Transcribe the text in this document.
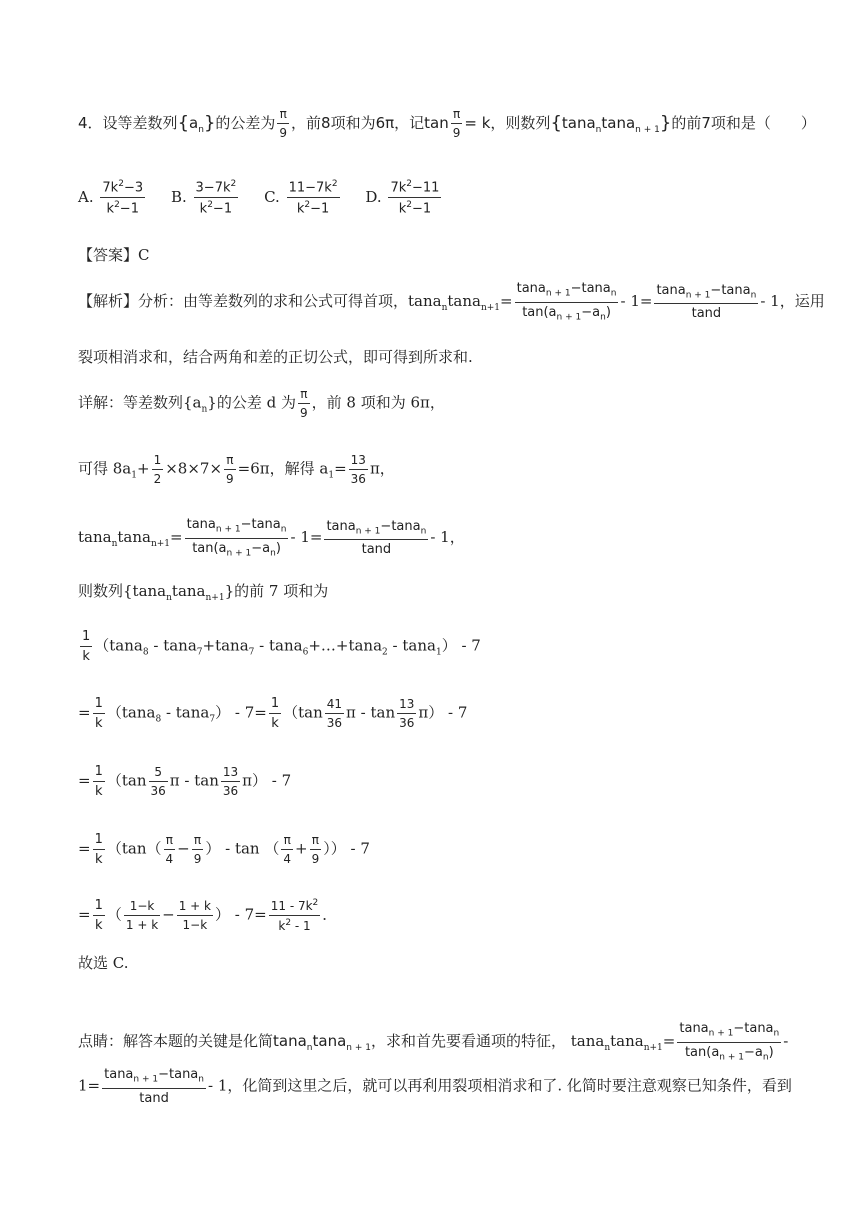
4．设等差数列$\{a_n\}$的公差为 $\frac{\pi}{9}$ ，前8项和为6π，记$\tan \frac{\pi}{9} = k$，则数列{tana$_n$tana$_{n + 1}$}的前7项和是（　　）
A. $\frac{7k^2-3}{k^2-1} B$. $\frac{3-7k^2}{k^2-1} C$. $\frac{11-7k^2}{k^2-1} D$. $\frac{7k^2-11}{k^2-1}$
【答案】C
【解析】分析：由等差数列的求和公式可得首项，$\tan a_n\tan a_{n+1}= \frac{\tan a_{n + 1}-\tan a_n}{\tan(a_{n + 1}-a_n)} - 1= \frac{\tan a_{n + 1}-\tan a_n}{\tan d} - 1$，运用
裂项相消求和，结合两角和差的正切公式，即可得到所求和.
详解：等差数列$\{a_n\}$的公差 d 为 $\frac{\pi}{9}$ ，前 8 项和为 6π，
可得 $8a_1+ \frac{1}{2} \times 8\times 7\times \frac{\pi}{9} =6\pi$，解得 $a_1= \frac{13}{36}$ π，
$\tan a_n\tan a_{n+1}= \frac{\tan a_{n + 1}-\tan a_n}{\tan(a_{n + 1}-a_n)} - 1= \frac{\tan a_{n + 1}-\tan a_n}{\tan d} - 1$，
则数列{tana$_n$tana$_{n+1}$}的前 7 项和为
$\frac{1}{k} (\tan a_8 - \tan a_7+\tan a_7$ - tana$_6$+…+tana$_2$ - tana$_1$） - 7
= $\frac{1}{k} (\tan a_8 - \tan a_7) - 7= \frac{1}{k} (\tan \frac{41}{36}$ π - $\tan \frac{13}{36} \pi) - 7$
= $\frac{1}{k} (\tan \frac{5}{36}$ π - $\tan \frac{13}{36} \pi) - 7$
= $\frac{1}{k} (\tan( \frac{\pi}{4} - \frac{\pi}{9}$ ） - tan （ $\frac{\pi}{4} + \frac{\pi}{9}$ ）） - 7
= $\frac{1}{k}$ （ $\frac{1-k}{1 + k} - \frac{1 + k}{1-k}$ ） - $7= \frac{11 - 7k^2}{k^2 - 1}$ ．
故选 C.
点睛：解答本题的关键是化简tana$_n$tana$_{n + 1}$，求和首先要看通项的特征， $\tan a_n\tan a_{n+1}= \frac{\tan a_{n + 1}-\tan a_n}{\tan(a_{n + 1}-a_n)}$ -
$1= \frac{\tan a_{n + 1}-\tan a_n}{\tan d} - 1$，化简到这里之后，就可以再利用裂项相消求和了. 化简时要注意观察已知条件，看到
